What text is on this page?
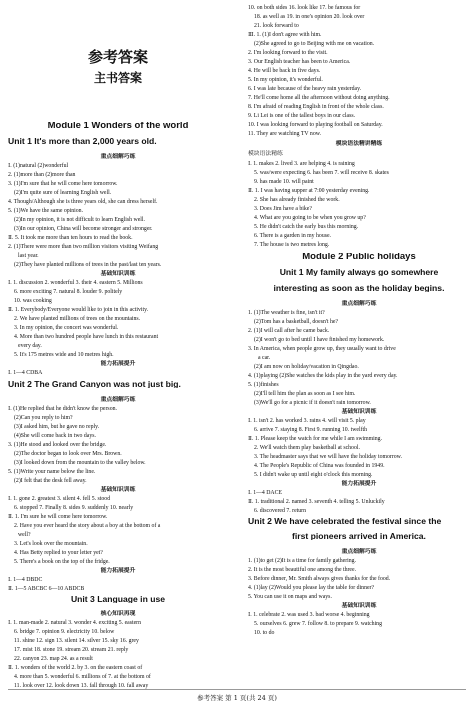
参考答案
主书答案
Module 1 Wonders of the world
Unit 1 It's more than 2,000 years old.
重点细解巧练
Ⅰ. (1)natural (2)wonderful
2. (1)more than (2)more than
3. (1)I'm sure that he will come here tomorrow.
(2)I'm quite sure of learning English well.
4. Though/Although she is three years old, she can dress herself.
5. (1)We have the same opinion.
(2)In my opinion, it is not difficult to learn English well.
(3)In our opinion, China will become stronger and stronger.
Ⅱ. 5. It took me more than ten hours to read the book.
2. (1)There were more than two million visitors visiting Weifang
last year.
(2)They have planted millions of trees in the past/last ten years.
基础知识训练
Ⅰ. 1. discussion 2. wonderful 3. their 4. eastern 5. Millions
6. more exciting 7. natural 8. louder 9. politely
10. was cooking
Ⅱ. 1. Everybody/Everyone would like to join in this activity.
2. We have planted millions of trees on the mountains.
3. In my opinion, the concert was wonderful.
4. More than two hundred people have lunch in this restaurant
every day.
5. It's 175 metres wide and 10 metres high.
能力拓展提升
Ⅰ. 1—4 CDBA
Unit 2 The Grand Canyon was not just big.
重点细解巧练
Ⅰ. (1)He replied that he didn't know the person.
(2)Can you reply to him?
(3)I asked him, but he gave no reply.
(4)She will come back in two days.
3. (1)He stood and looked over the bridge.
(2)The doctor began to look over Mrs. Brown.
(3)I looked down from the mountain to the valley below.
5. (1)Write your name below the line.
(2)I felt that the desk fell away.
基础知识训练
Ⅰ. 1. gone 2. greatest 3. silent 4. fell 5. stood
6. stopped 7. Finally 8. sides 9. suddenly 10. nearly
Ⅱ. 1. I'm sure he will come here tomorrow.
2. Have you ever heard the story about a boy at the bottom of a
well?
3. Let's look over the mountain.
4. Has Betty replied to your letter yet?
5. There's a book on the top of the fridge.
能力拓展提升
Ⅰ. 1—4 DBDC
Ⅱ. 1—5 ABCBC 6—10 ABDCB
Unit 3 Language in use
核心知识再现
Ⅰ. 1. man-made 2. natural 3. wonder 4. exciting 5. eastern
6. bridge 7. opinion 9. electricity 10. below
11. shine 12. sign 13. silent 14. silver 15. sky 16. grey
17. mist 18. stone 19. stream 20. stream 21. reply
22. canyon 23. map 24. as a result
Ⅱ. 1. wonders of the world 2. by 3. on the eastern coast of
4. more than 5. wonderful 6. millions of 7. at the bottom of
11. look over 12. look down 13. fall through 10. fall away
10. on both sides 16. look like 17. be famous for
18. as well as 19. in one's opinion 20. look over
21. look forward to
Ⅲ. 1. (1)I don't agree with him.
(2)She agreed to go to Beijing with me on vacation.
2. I'm looking forward to the visit.
3. Our English teacher has been to America.
4. He will be back in five days.
5. In my opinion, it's wonderful.
6. I was late because of the heavy rain yesterday.
7. He'll come home all the afternoon without doing anything.
8. I'm afraid of reading English in front of the whole class.
9. Li Lei is one of the tallest boys in our class.
10. I was looking forward to playing football on Saturday.
11. They are watching TV now.
模块语法精讲精练
模块语法精练
Ⅰ. 1. makes 2. lived 3. are helping 4. is raining
5. was/were expecting 6. has been 7. will receive 8. skates
9. has made 10. will paint
Ⅱ. 1. I was having supper at 7:00 yesterday evening.
2. She has already finished the work.
3. Does Jim have a bike?
4. What are you going to be when you grow up?
5. He didn't catch the early bus this morning.
6. There is a garden in my house.
7. The house is two metres long.
Module 2 Public holidays
Unit 1 My family always go somewhere
interesting as soon as the holiday begins.
重点细解巧练
1. (1)The weather is fine, isn't it?
(2)Tom has a basketball, doesn't he?
2. (1)I will call after he came back.
(2)I won't go to bed until I have finished my homework.
3. In America, when people grow up, they usually want to drive
a car.
(2)I am now on holiday/vacation in Qingdao.
4. (1)playing (2)She watches the kids play in the yard every day.
5. (1)finishes
(2)I'll tell him the plan as soon as I see him.
(3)We'll go for a picnic if it doesn't rain tomorrow.
基础知识训练
Ⅰ. 1. isn't 2. has worked 3. rains 4. will visit 5. play
6. arrive 7. staying 8. First 9. running 10. twelfth
Ⅱ. 1. Please keep the watch for me while I am swimming.
2. We'll watch them play basketball at school.
3. The headmaster says that we will have the holiday tomorrow.
4. The People's Republic of China was founded in 1949.
5. I didn't wake up until eight o'clock this morning.
能力拓展提升
Ⅰ. 1—4 DACE
Ⅱ. 1. traditional 2. named 3. seventh 4. telling 5. Unluckily
6. discovered 7. return
Unit 2 We have celebrated the festival since the
first pioneers arrived in America.
重点细解巧练
1. (1)to get (2)It is a time for family gathering.
2. It is the most beautiful one among the three.
3. Before dinner, Mr. Smith always gives thanks for the food.
4. (1)lay (2)Would you please lay the table for dinner?
5. You can use it on maps and ways.
基础知识训练
Ⅰ. 1. celebrate 2. was used 3. bad worse 4. beginning
5. ourselves 6. grew 7. follow 8. to prepare 9. watching
10. to do
参考答案 第 1 页(共 24 页)
